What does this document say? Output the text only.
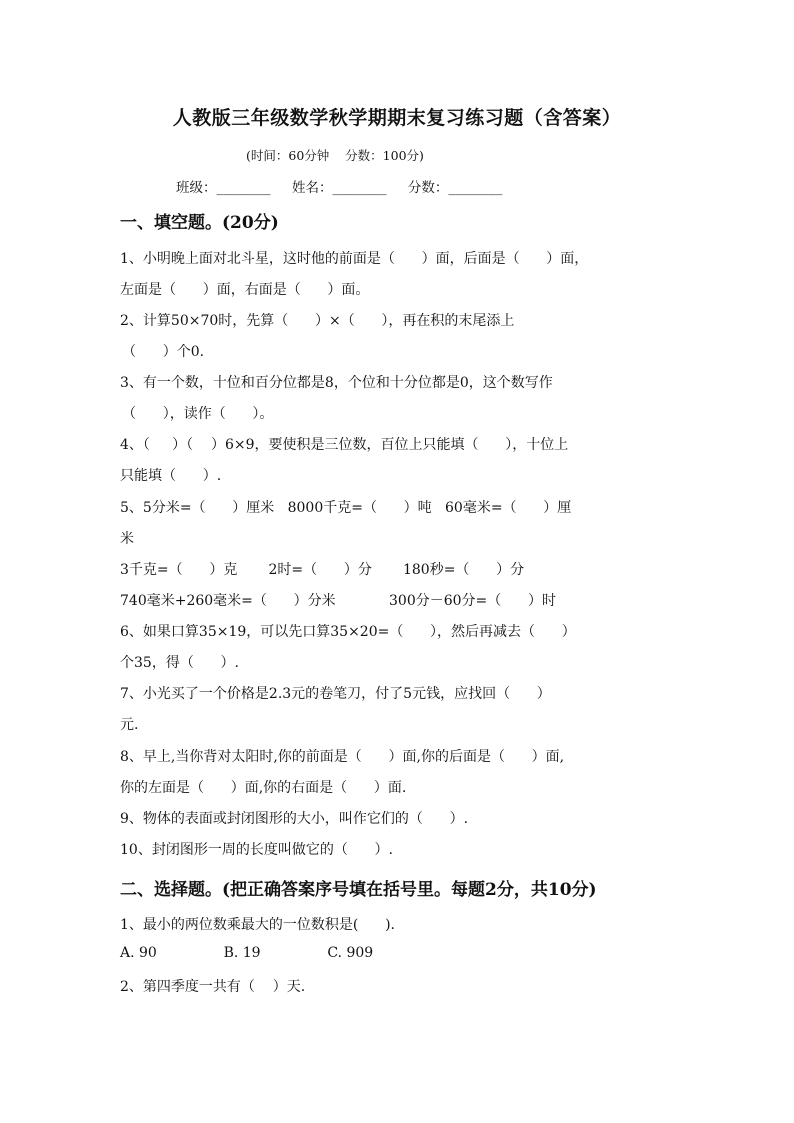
人教版三年级数学秋学期期末复习练习题（含答案）
(时间：60分钟    分数：100分)
班级：________     姓名：________     分数：________
一、填空题。(20分)
1、小明晚上面对北斗星，这时他的前面是（      ）面，后面是（      ）面，
左面是（      ）面，右面是（      ）面。
2、计算50×70时，先算（      ）×（      ），再在积的末尾添上
（      ）个0.
3、有一个数，十位和百分位都是8，个位和十分位都是0，这个数写作
（      ），读作（      ）。
4、（     ）（    ）6×9，要使积是三位数，百位上只能填（      ），十位上
只能填（      ）.
5、5分米=（      ）厘米   8000千克=（      ）吨   60毫米=（      ）厘
米
3千克=（      ）克       2时=（      ）分       180秒=（      ）分
740毫米+260毫米=（      ）分米            300分－60分=（      ）时
6、如果口算35×19，可以先口算35×20=（      ），然后再减去（      ）
个35，得（      ）.
7、小光买了一个价格是2.3元的卷笔刀，付了5元钱，应找回（      ）
元.
8、早上,当你背对太阳时,你的前面是（      ）面,你的后面是（      ）面,
你的左面是（      ）面,你的右面是（      ）面.
9、物体的表面或封闭图形的大小，叫作它们的（      ）.
10、封闭图形一周的长度叫做它的（      ）.
二、选择题。(把正确答案序号填在括号里。每题2分，共10分)
1、最小的两位数乘最大的一位数积是(      ).
A. 90               B. 19               C. 909
2、第四季度一共有（    ）天.
